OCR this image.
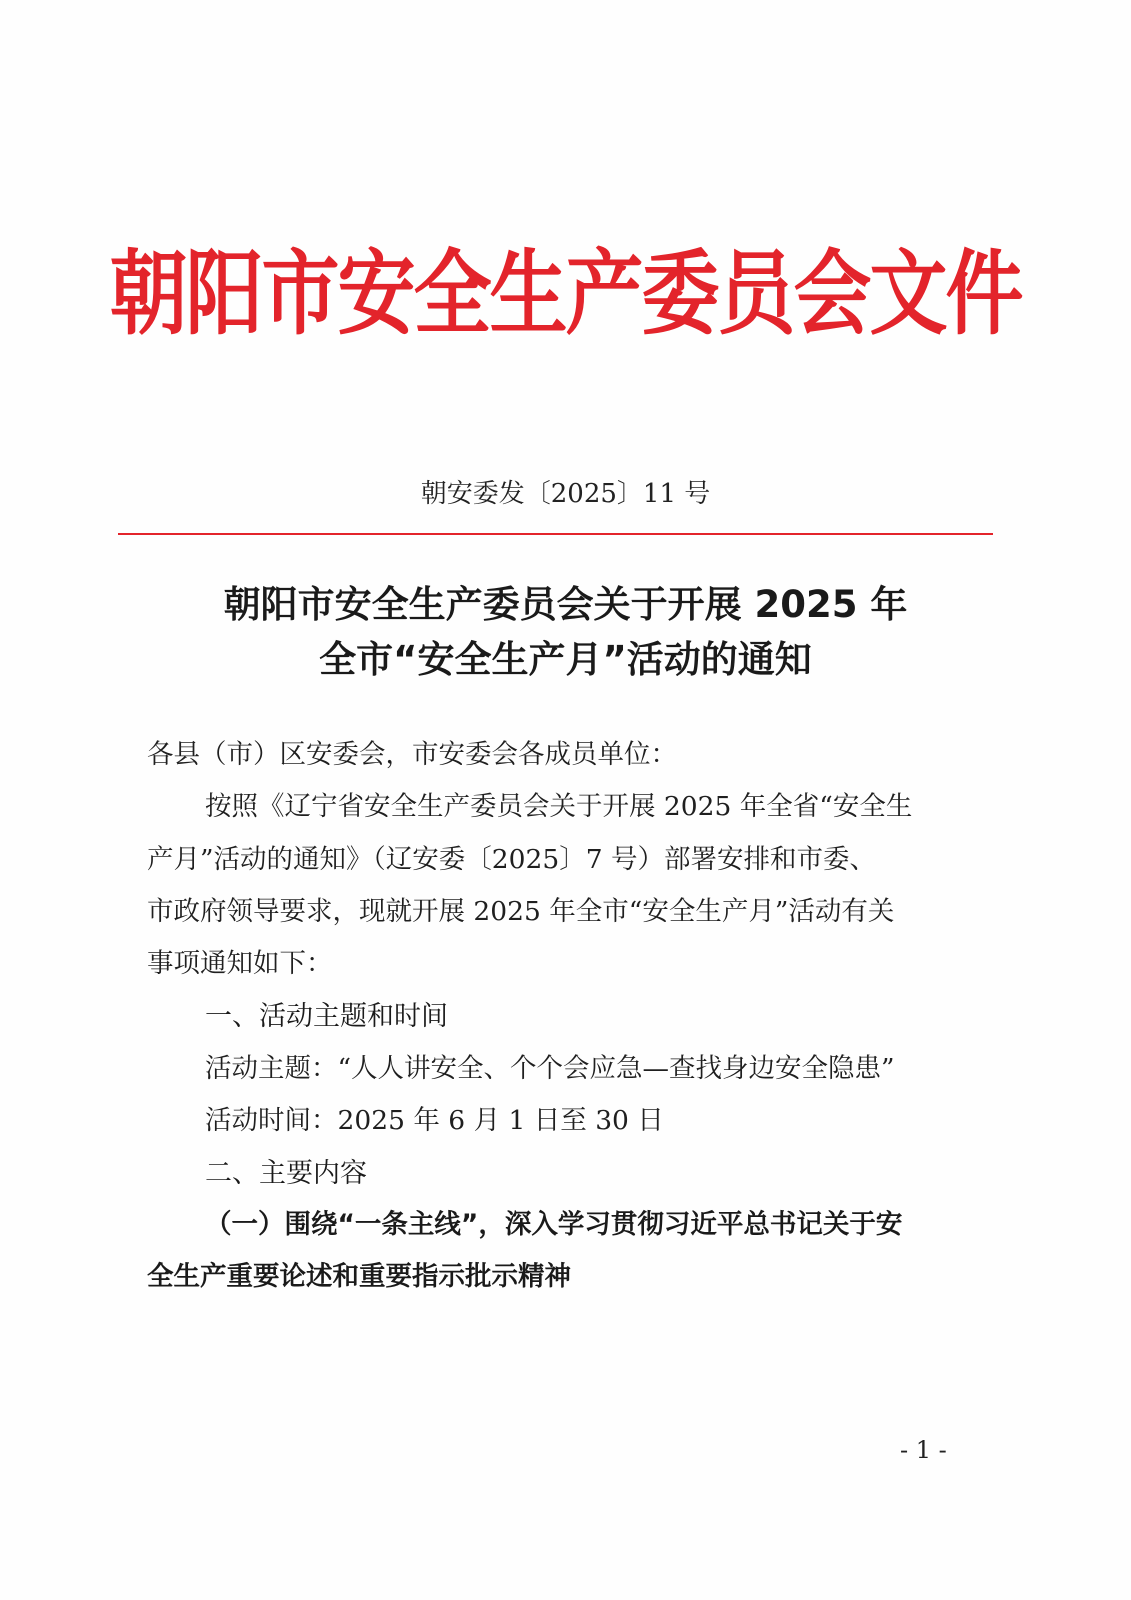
朝阳市安全生产委员会文件
朝安委发〔2025〕11 号
朝阳市安全生产委员会关于开展 2025 年
全市“安全生产月”活动的通知
各县（市）区安委会，市安委会各成员单位：
按照《辽宁省安全生产委员会关于开展 2025 年全省“安全生
产月”活动的通知》（辽安委〔2025〕7 号）部署安排和市委、
市政府领导要求，现就开展 2025 年全市“安全生产月”活动有关
事项通知如下：
一、活动主题和时间
活动主题：“人人讲安全、个个会应急—查找身边安全隐患”
活动时间：2025 年 6 月 1 日至 30 日
二、主要内容
（一）围绕“一条主线”，深入学习贯彻习近平总书记关于安
全生产重要论述和重要指示批示精神
- 1 -
